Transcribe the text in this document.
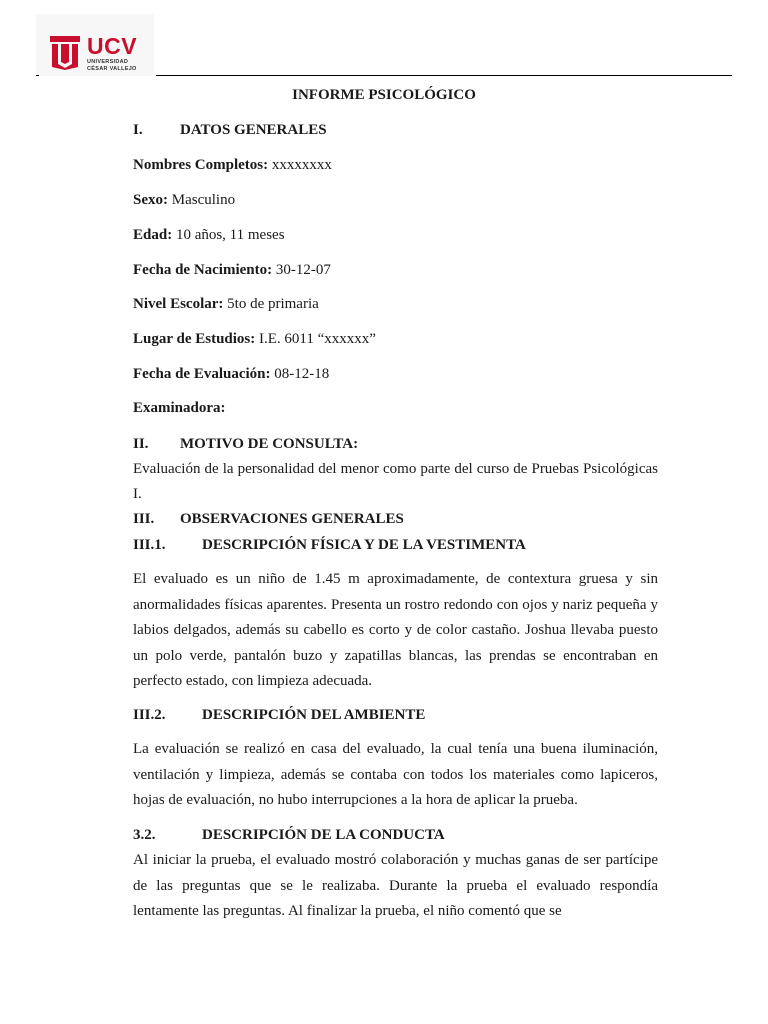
UCV
UNIVERSIDAD
CÉSAR VALLEJO
INFORME PSICOLÓGICO
I. DATOS GENERALES
Nombres Completos: xxxxxxxx
Sexo: Masculino
Edad: 10 años, 11 meses
Fecha de Nacimiento: 30-12-07
Nivel Escolar: 5to de primaria
Lugar de Estudios: I.E. 6011 “xxxxxx”
Fecha de Evaluación: 08-12-18
Examinadora:
II. MOTIVO DE CONSULTA:
Evaluación de la personalidad del menor como parte del curso de Pruebas Psicológicas I.
III. OBSERVACIONES GENERALES
III.1. DESCRIPCIÓN FÍSICA Y DE LA VESTIMENTA
El evaluado es un niño de 1.45 m aproximadamente, de contextura gruesa y sin anormalidades físicas aparentes. Presenta un rostro redondo con ojos y nariz pequeña y labios delgados, además su cabello es corto y de color castaño. Joshua llevaba puesto un polo verde, pantalón buzo y zapatillas blancas, las prendas se encontraban en perfecto estado, con limpieza adecuada.
III.2. DESCRIPCIÓN DEL AMBIENTE
La evaluación se realizó en casa del evaluado, la cual tenía una buena iluminación, ventilación y limpieza, además se contaba con todos los materiales como lapiceros, hojas de evaluación, no hubo interrupciones a la hora de aplicar la prueba.
3.2.	DESCRIPCIÓN DE LA CONDUCTA
Al iniciar la prueba, el evaluado mostró colaboración y muchas ganas de ser partícipe de las preguntas que se le realizaba. Durante la prueba el evaluado respondía lentamente las preguntas. Al finalizar la prueba, el niño comentó que se
